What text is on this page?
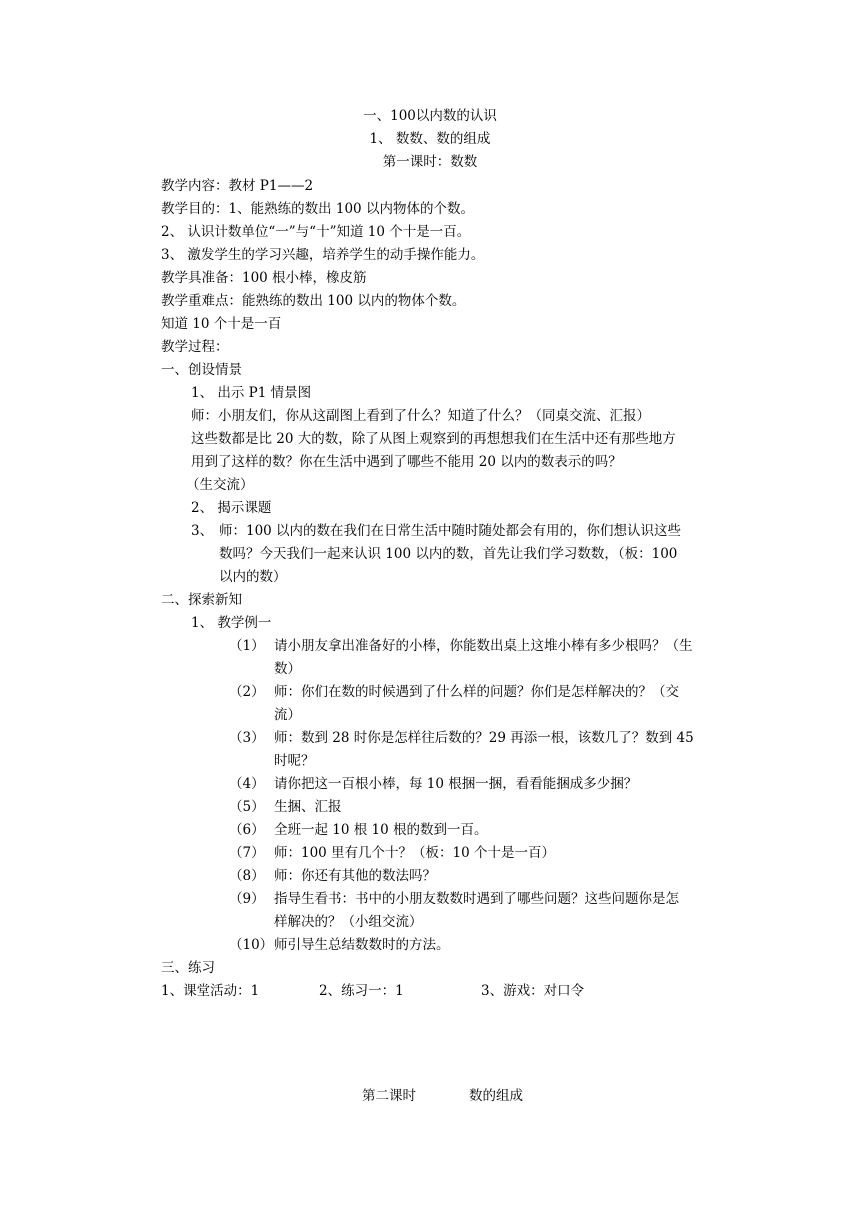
一、100以内数的认识
1、 数数、数的组成
第一课时：数数
教学内容：教材 P1——2
教学目的：1、能熟练的数出 100 以内物体的个数。
2、 认识计数单位“一”与“十”知道 10 个十是一百。
3、 激发学生的学习兴趣，培养学生的动手操作能力。
教学具准备：100 根小棒，橡皮筋
教学重难点：能熟练的数出 100 以内的物体个数。
知道 10 个十是一百
教学过程：
一、创设情景
1、 出示 P1 情景图
师：小朋友们，你从这副图上看到了什么？知道了什么？（同桌交流、汇报）
这些数都是比 20 大的数，除了从图上观察到的再想想我们在生活中还有那些地方
用到了这样的数？你在生活中遇到了哪些不能用 20 以内的数表示的吗？
（生交流）
2、 揭示课题
3、 师：100 以内的数在我们在日常生活中随时随处都会有用的，你们想认识这些
数吗？今天我们一起来认识 100 以内的数，首先让我们学习数数，（板：100
以内的数）
二、探索新知
1、 教学例一
（1） 请小朋友拿出准备好的小棒，你能数出桌上这堆小棒有多少根吗？（生
数）
（2） 师：你们在数的时候遇到了什么样的问题？你们是怎样解决的？（交
流）
（3） 师：数到 28 时你是怎样往后数的？29 再添一根，该数几了？数到 45
时呢？
（4） 请你把这一百根小棒，每 10 根捆一捆，看看能捆成多少捆？
（5） 生捆、汇报
（6） 全班一起 10 根 10 根的数到一百。
（7） 师：100 里有几个十？（板：10 个十是一百）
（8） 师：你还有其他的数法吗？
（9） 指导生看书：书中的小朋友数数时遇到了哪些问题？这些问题你是怎
样解决的？（小组交流）
（10） 师引导生总结数数时的方法。
三、练习
1、课堂活动：1	2、练习一：1	3、游戏：对口令
第二课时	数的组成
